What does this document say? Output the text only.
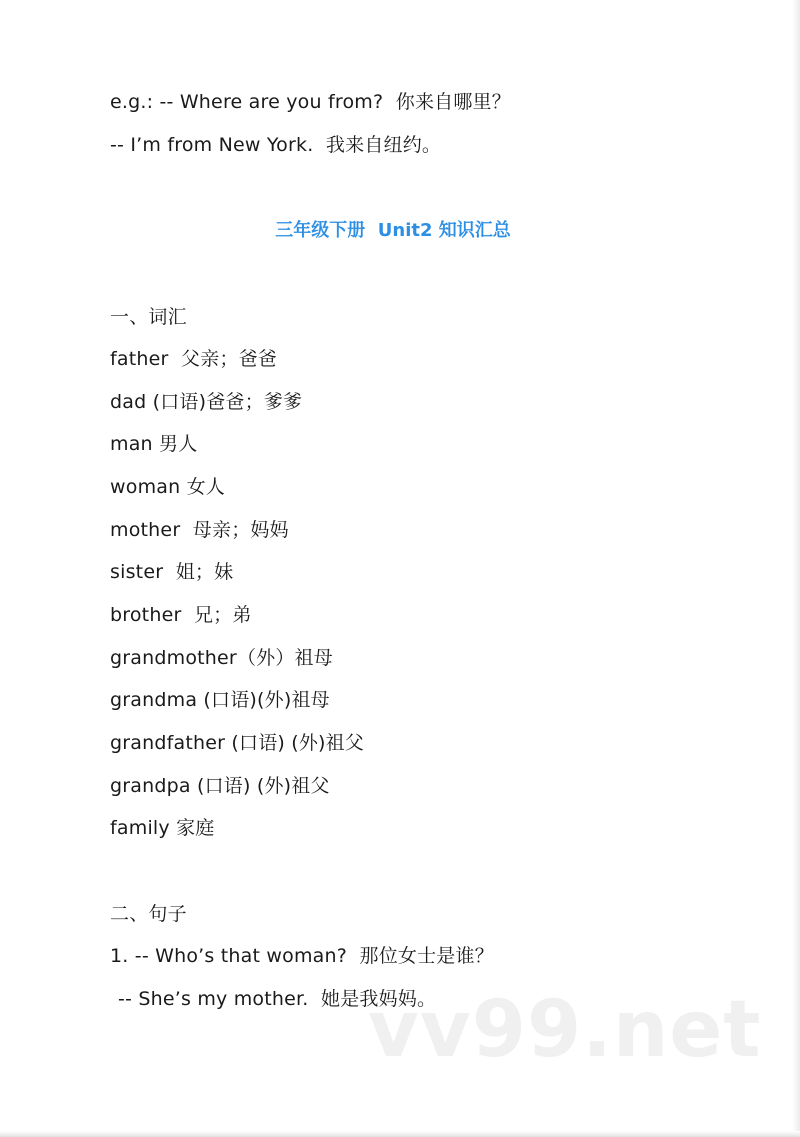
e.g.: -- Where are you from?  你来自哪里？
-- I’m from New York.  我来自纽约。
三年级下册  Unit2 知识汇总
一、词汇
father  父亲；爸爸
dad (口语)爸爸；爹爹
man 男人
woman 女人
mother  母亲；妈妈
sister  姐；妹
brother  兄；弟
grandmother（外）祖母
grandma (口语)(外)祖母
grandfather (口语) (外)祖父
grandpa (口语) (外)祖父
family 家庭
二、句子
1. -- Who’s that woman?  那位女士是谁？
-- She’s my mother.  她是我妈妈。
vv99.net
